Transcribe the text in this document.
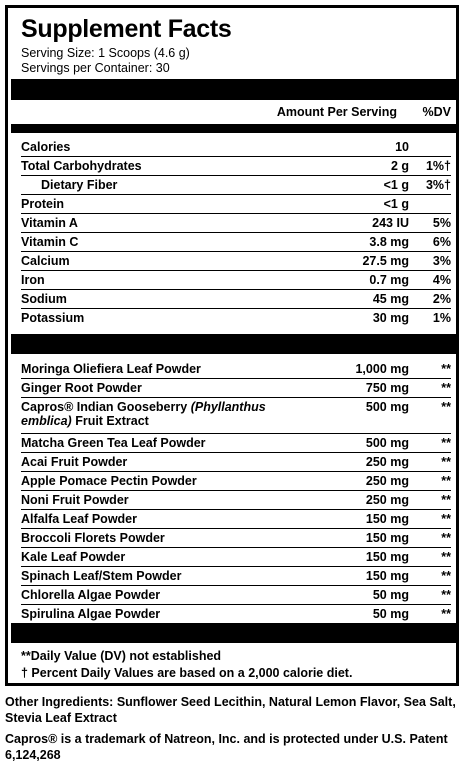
Supplement Facts
Serving Size: 1 Scoops (4.6 g)
Servings per Container: 30
Amount Per Serving %DV
**Daily Value (DV) not established
† Percent Daily Values are based on a 2,000 calorie diet.
Calories	10
Total Carbohydrates	2 g 1%†
Dietary Fiber	<1 g 3%†
Protein	<1 g
Vitamin A	243 IU 5%
Vitamin C	3.8 mg 6%
Calcium	27.5 mg 3%
Iron	0.7 mg 4%
Sodium	45 mg 2%
Potassium	30 mg 1%
Moringa Oliefiera Leaf Powder	1,000 mg	**
Ginger Root Powder	750 mg	**
Capros® Indian Gooseberry (Phyllanthus emblica) Fruit Extract
500 mg	**
Matcha Green Tea Leaf Powder	500 mg	**
Acai Fruit Powder	250 mg	**
Apple Pomace Pectin Powder	250 mg	**
Noni Fruit Powder	250 mg	**
Alfalfa Leaf Powder	150 mg	**
Broccoli Florets Powder	150 mg	**
Kale Leaf Powder	150 mg	**
Spinach Leaf/Stem Powder	150 mg	**
Chlorella Algae Powder	50 mg	**
Spirulina Algae Powder	50 mg	**
Other Ingredients: Sunflower Seed Lecithin, Natural Lemon Flavor, Sea Salt, Stevia Leaf Extract
Capros® is a trademark of Natreon, Inc. and is protected under U.S. Patent 6,124,268
